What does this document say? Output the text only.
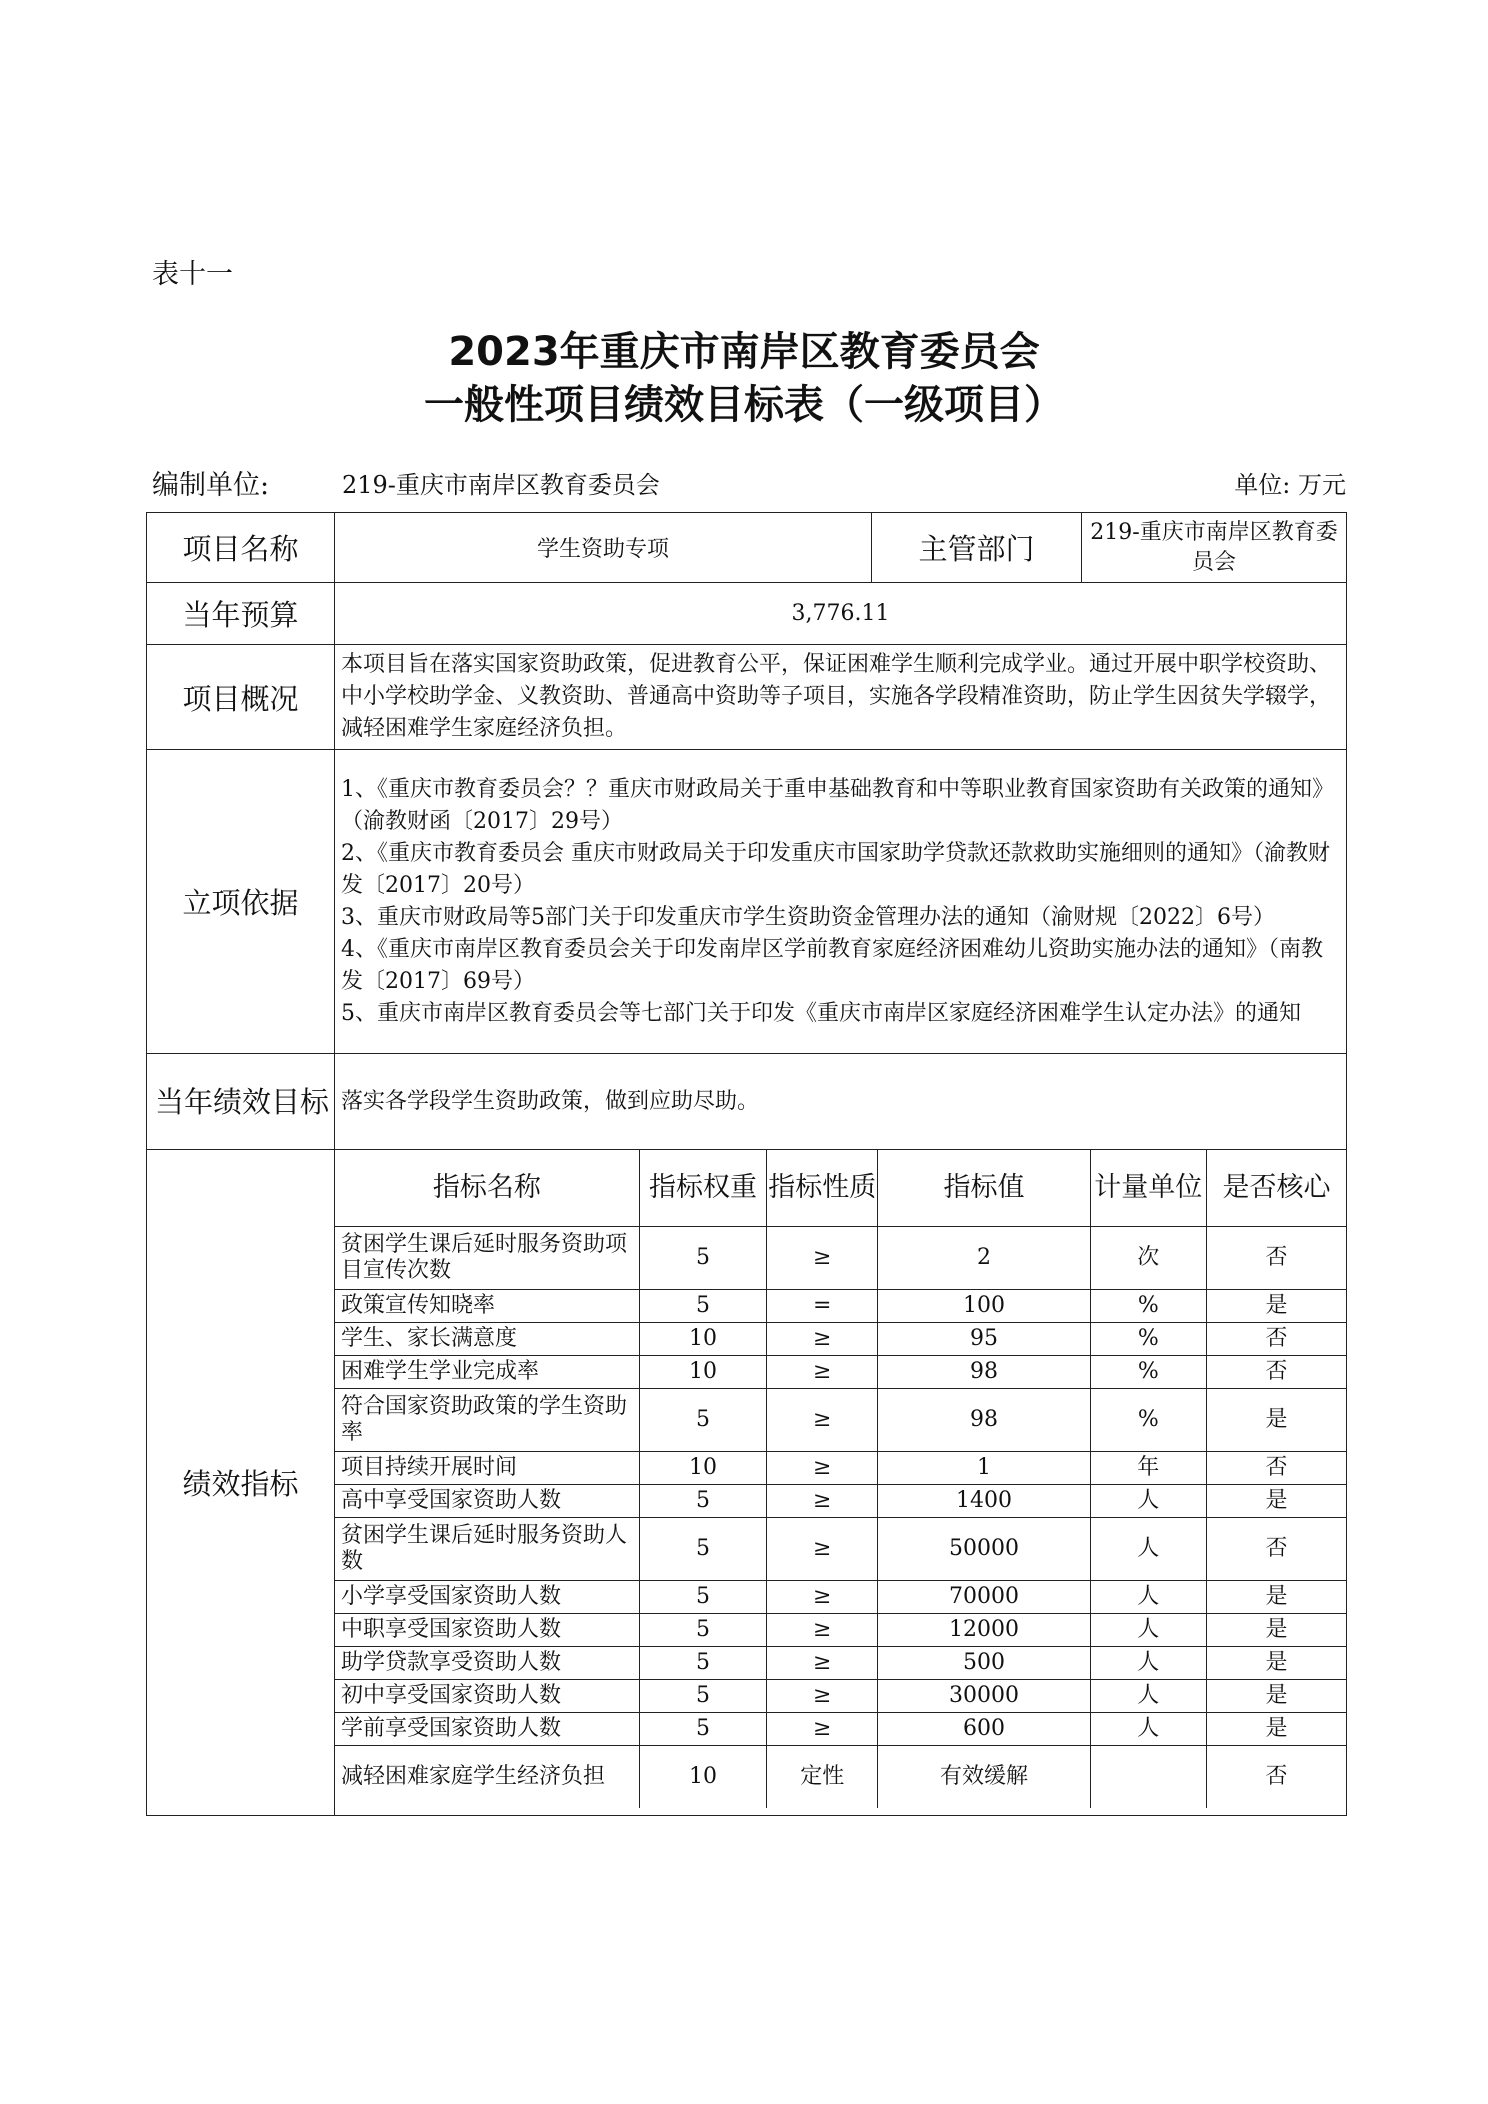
表十一
2023年重庆市南岸区教育委员会
一般性项目绩效目标表（一级项目）
编制单位:	219-重庆市南岸区教育委员会	单位: 万元
项目名称	学生资助专项	主管部门	219-重庆市南岸区教育委员会
当年预算	3,776.11
项目概况	本项目旨在落实国家资助政策，促进教育公平，保证困难学生顺利完成学业。通过开展中职学校资助、中小学校助学金、义教资助、普通高中资助等子项目，实施各学段精准资助，防止学生因贫失学辍学，减轻困难学生家庭经济负担。
立项依据	
1、《重庆市教育委员会？？重庆市财政局关于重申基础教育和中等职业教育国家资助有关政策的通知》（渝教财函〔2017〕29号）
2、《重庆市教育委员会 重庆市财政局关于印发重庆市国家助学贷款还款救助实施细则的通知》（渝教财发〔2017〕20号）
3、重庆市财政局等5部门关于印发重庆市学生资助资金管理办法的通知（渝财规〔2022〕6号）
4、《重庆市南岸区教育委员会关于印发南岸区学前教育家庭经济困难幼儿资助实施办法的通知》（南教发〔2017〕69号）
5、重庆市南岸区教育委员会等七部门关于印发《重庆市南岸区家庭经济困难学生认定办法》的通知

当年绩效目标	落实各学段学生资助政策，做到应助尽助。
绩效指标	
指标名称	指标权重	指标性质	指标值	计量单位	是否核心
贫困学生课后延时服务资助项目宣传次数	5	≥	2	次	否
政策宣传知晓率	5	=	100	%	是
学生、家长满意度	10	≥	95	%	否
困难学生学业完成率	10	≥	98	%	否
符合国家资助政策的学生资助率	5	≥	98	%	是
项目持续开展时间	10	≥	1	年	否
高中享受国家资助人数	5	≥	1400	人	是
贫困学生课后延时服务资助人数	5	≥	50000	人	否
小学享受国家资助人数	5	≥	70000	人	是
中职享受国家资助人数	5	≥	12000	人	是
助学贷款享受资助人数	5	≥	500	人	是
初中享受国家资助人数	5	≥	30000	人	是
学前享受国家资助人数	5	≥	600	人	是
减轻困难家庭学生经济负担	10	定性	有效缓解		否
